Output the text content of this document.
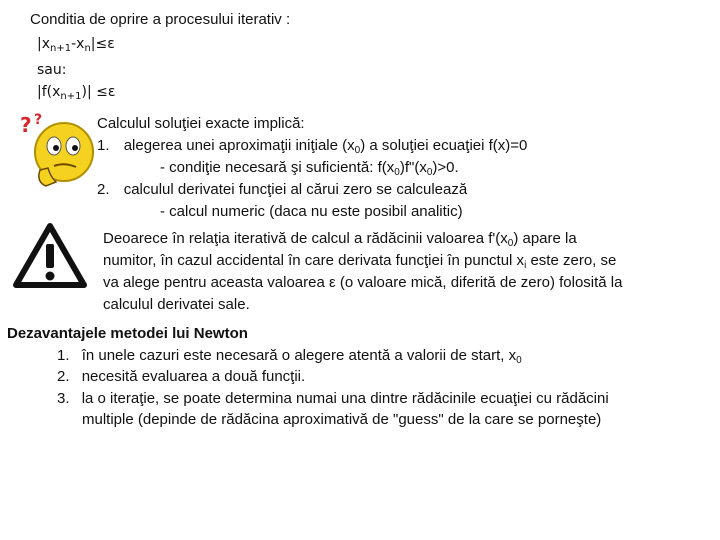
Conditia de oprire a procesului iterativ :
$|x_{n+1}-x_n|\le\varepsilon$
sau:
$|f(x_{n+1})| \le\varepsilon$
? ?	Calculul soluţiei exacte implică:
1. alegerea unei aproximaţii iniţiale $(x_0)$ a soluţiei ecuaţiei f(x)=0
- condiţie necesară şi suficientă: $f(x_0)f"(x_0)>0$.
2. calculul derivatei funcţiei al cărui zero se calculează
- calcul numeric (daca nu este posibil analitic)
Deoarece în relaţia iterativă de calcul a rădăcinii valoarea $f'(x_0)$ apare la
numitor, în cazul accidental în care derivata funcţiei în punctul $x_i$ este zero, se
va alege pentru aceasta valoarea ε (o valoare mică, diferită de zero) folosită la
calculul derivatei sale.
Dezavantajele metodei lui Newton
1. în unele cazuri este necesară o alegere atentă a valorii de start, $x_0$
2. necesită evaluarea a două funcţii.
3. la o iteraţie, se poate determina numai una dintre rădăcinile ecuaţiei cu rădăcini
multiple (depinde de rădăcina aproximativă de "guess" de la care se porneşte)
